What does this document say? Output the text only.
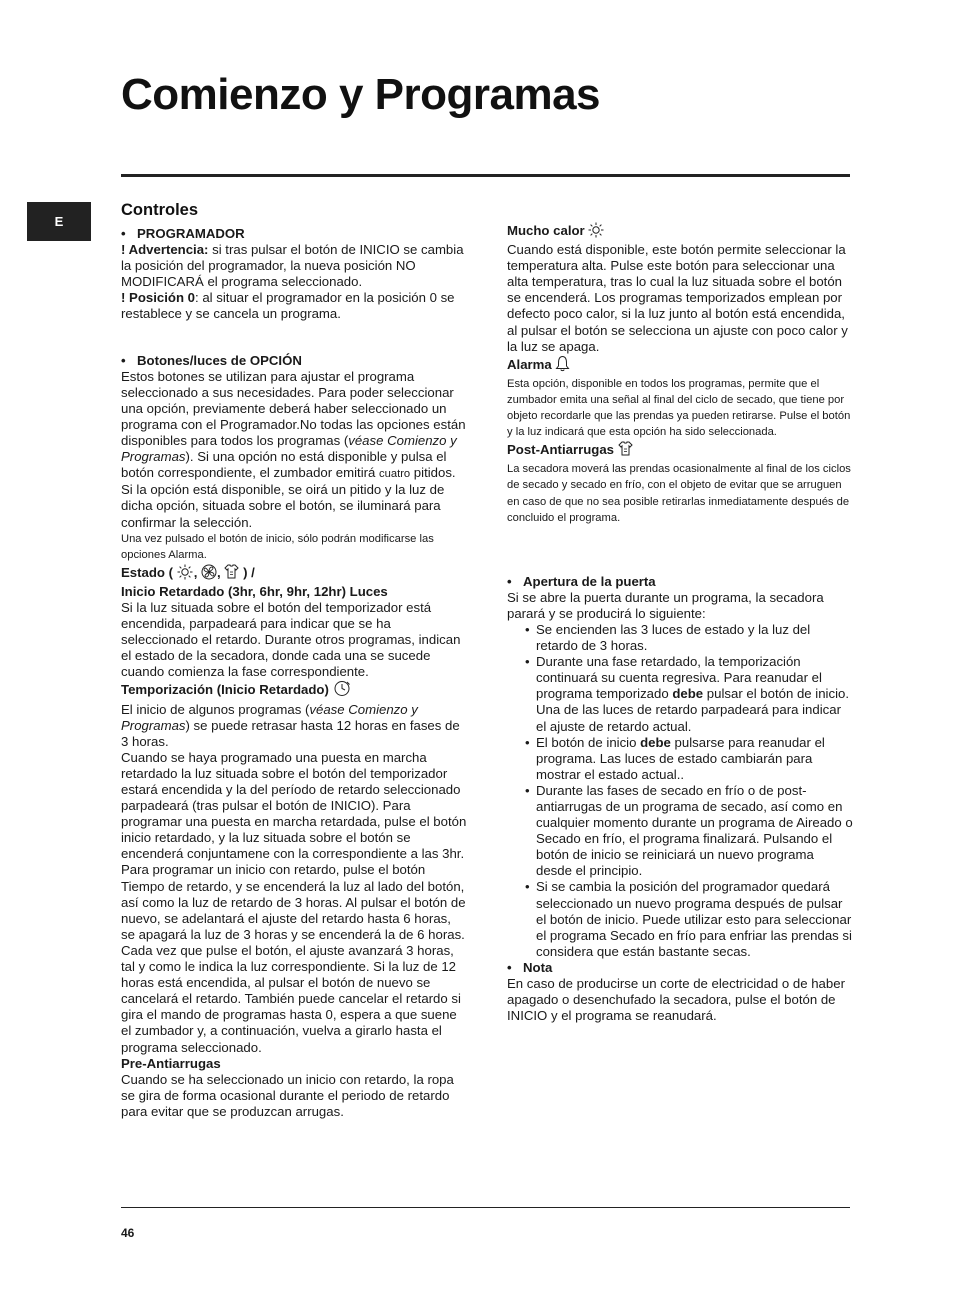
Comienzo y Programas
E
Controles

• PROGRAMADOR

! Advertencia: si tras pulsar el botón de INICIO se cambia la posición del programador, la nueva posición NO MODIFICARÁ el programa seleccionado.

! Posición 0: al situar el programador en la posición 0 se restablece y se cancela un programa.

• Botones/luces de OPCIÓN

Estos botones se utilizan para ajustar el programa seleccionado a sus necesidades. Para poder seleccionar una opción, previamente deberá haber seleccionado un programa con el Programador.No todas las opciones están disponibles para todos los programas (véase Comienzo y Programas). Si una opción no está disponible y pulsa el botón correspondiente, el zumbador emitirá cuatro pitidos. Si la opción está disponible, se oirá un pitido y la luz de dicha opción, situada sobre el botón, se iluminará para confirmar la selección.

Una vez pulsado el botón de inicio, sólo podrán modificarse las opciones Alarma.

Estado ( , , ) /

Inicio Retardado (3hr, 6hr, 9hr, 12hr) Luces

Si la luz situada sobre el botón del temporizador está encendida, parpadeará para indicar que se ha seleccionado el retardo. Durante otros programas, indican el estado de la secadora, donde cada una se sucede cuando comienza la fase correspondiente.

Temporización (Inicio Retardado)

El inicio de algunos programas (véase Comienzo y Programas) se puede retrasar hasta 12 horas en fases de 3 horas.

Cuando se haya programado una puesta en marcha retardado la luz situada sobre el botón del temporizador estará encendida y la del período de retardo seleccionado parpadeará (tras pulsar el botón de INICIO). Para programar una puesta en marcha retardada, pulse el botón inicio retardado, y la luz situada sobre el botón se encenderá conjuntamene con la correspondiente a las 3hr. Para programar un inicio con retardo, pulse el botón Tiempo de retardo, y se encenderá la luz al lado del botón, así como la luz de retardo de 3 horas. Al pulsar el botón de nuevo, se adelantará el ajuste del retardo hasta 6 horas, se apagará la luz de 3 horas y se encenderá la de 6 horas. Cada vez que pulse el botón, el ajuste avanzará 3 horas, tal y como le indica la luz correspondiente. Si la luz de 12 horas está encendida, al pulsar el botón de nuevo se cancelará el retardo. También puede cancelar el retardo si gira el mando de programas hasta 0, espera a que suene el zumbador y, a continuación, vuelva a girarlo hasta el programa seleccionado.

Pre-Antiarrugas

Cuando se ha seleccionado un inicio con retardo, la ropa se gira de forma ocasional durante el periodo de retardo para evitar que se produzcan arrugas.

Mucho calor

Cuando está disponible, este botón permite seleccionar la temperatura alta. Pulse este botón para seleccionar una alta temperatura, tras lo cual la luz situada sobre el botón se encenderá. Los programas temporizados emplean por defecto poco calor, si la luz junto al botón está encendida, al pulsar el botón se selecciona un ajuste con poco calor y la luz se apaga.

Alarma

Esta opción, disponible en todos los programas, permite que el zumbador emita una señal al final del ciclo de secado, que tiene por objeto recordarle que las prendas ya pueden retirarse. Pulse el botón y la luz indicará que esta opción ha sido seleccionada.

Post-Antiarrugas

La secadora moverá las prendas ocasionalmente al final de los ciclos de secado y secado en frío, con el objeto de evitar que se arruguen en caso de que no sea posible retirarlas inmediatamente después de concluido el programa.

• Apertura de la puerta

Si se abre la puerta durante un programa, la secadora parará y se producirá lo siguiente:

• Se encienden las 3 luces de estado y la luz del retardo de 3 horas.
• Durante una fase retardado, la temporización continuará su cuenta regresiva. Para reanudar el programa temporizado debe pulsar el botón de inicio.
Una de las luces de retardo parpadeará para indicar el ajuste de retardo actual.
• El botón de inicio debe pulsarse para reanudar el programa. Las luces de estado cambiarán para mostrar el estado actual..
• Durante las fases de secado en frío o de post-antiarrugas de un programa de secado, así como en cualquier momento durante un programa de Aireado o Secado en frío, el programa finalizará. Pulsando el botón de inicio se reiniciará un nuevo programa desde el principio.
• Si se cambia la posición del programador quedará seleccionado un nuevo programa después de pulsar el botón de inicio. Puede utilizar esto para seleccionar el programa Secado en frío para enfriar las prendas si considera que están bastante secas.

• Nota

En caso de producirse un corte de electricidad o de haber apagado o desenchufado la secadora, pulse el botón de INICIO y el programa se reanudará.

46
